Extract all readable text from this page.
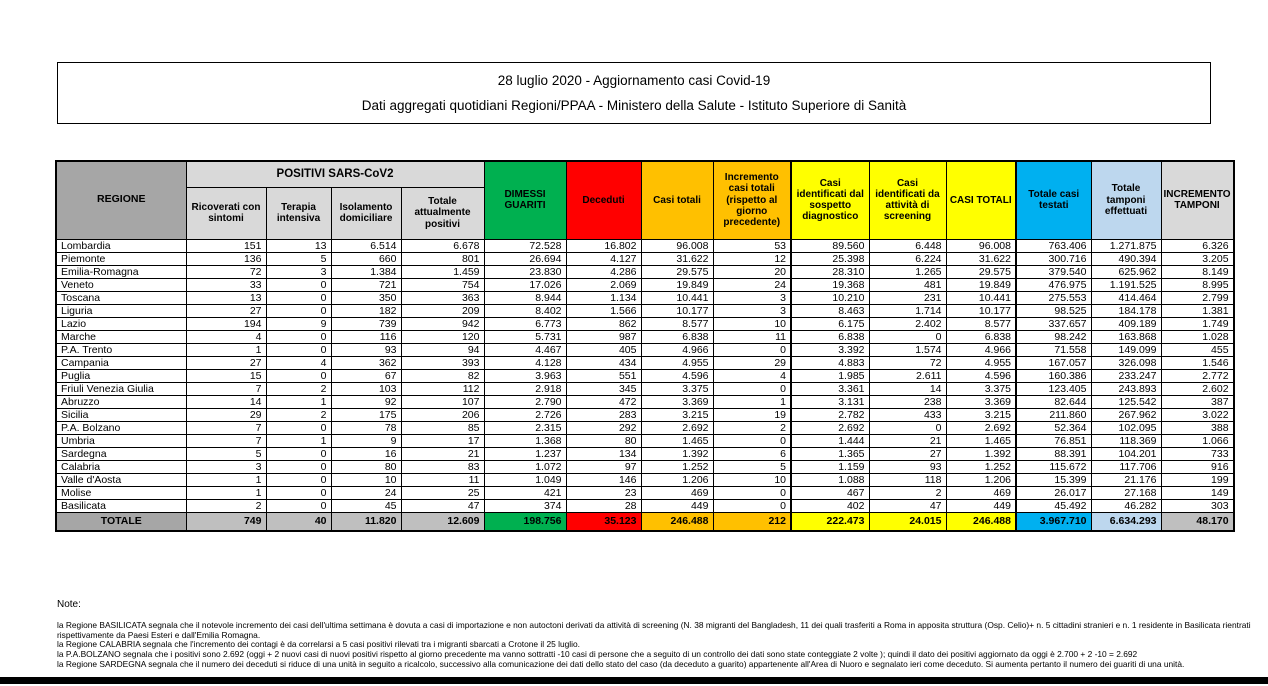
28 luglio 2020 - Aggiornamento casi Covid-19
Dati aggregati quotidiani Regioni/PPAA - Ministero della Salute - Istituto Superiore di Sanità
REGIONE	POSITIVI SARS-CoV2				DIMESSI GUARITI	Deceduti	Casi totali	Incremento casi totali (rispetto al giorno precedente)	Casi identificati dal sospetto diagnostico	Casi identificati da attività di screening	CASI TOTALI	Totale casi testati	Totale tamponi effettuati	INCREMENTO TAMPONI
	Ricoverati con sintomi	Terapia intensiva	Isolamento domiciliare	Totale attualmente positivi										
Lombardia	151	13	6.514	6.678	72.528	16.802	96.008	53	89.560	6.448	96.008	763.406	1.271.875	6.326
Piemonte	136	5	660	801	26.694	4.127	31.622	12	25.398	6.224	31.622	300.716	490.394	3.205
Emilia-Romagna	72	3	1.384	1.459	23.830	4.286	29.575	20	28.310	1.265	29.575	379.540	625.962	8.149
Veneto	33	0	721	754	17.026	2.069	19.849	24	19.368	481	19.849	476.975	1.191.525	8.995
Toscana	13	0	350	363	8.944	1.134	10.441	3	10.210	231	10.441	275.553	414.464	2.799
Liguria	27	0	182	209	8.402	1.566	10.177	3	8.463	1.714	10.177	98.525	184.178	1.381
Lazio	194	9	739	942	6.773	862	8.577	10	6.175	2.402	8.577	337.657	409.189	1.749
Marche	4	0	116	120	5.731	987	6.838	11	6.838	0	6.838	98.242	163.868	1.028
P.A. Trento	1	0	93	94	4.467	405	4.966	0	3.392	1.574	4.966	71.558	149.099	455
Campania	27	4	362	393	4.128	434	4.955	29	4.883	72	4.955	167.057	326.098	1.546
Puglia	15	0	67	82	3.963	551	4.596	4	1.985	2.611	4.596	160.386	233.247	2.772
Friuli Venezia Giulia	7	2	103	112	2.918	345	3.375	0	3.361	14	3.375	123.405	243.893	2.602
Abruzzo	14	1	92	107	2.790	472	3.369	1	3.131	238	3.369	82.644	125.542	387
Sicilia	29	2	175	206	2.726	283	3.215	19	2.782	433	3.215	211.860	267.962	3.022
P.A. Bolzano	7	0	78	85	2.315	292	2.692	2	2.692	0	2.692	52.364	102.095	388
Umbria	7	1	9	17	1.368	80	1.465	0	1.444	21	1.465	76.851	118.369	1.066
Sardegna	5	0	16	21	1.237	134	1.392	6	1.365	27	1.392	88.391	104.201	733
Calabria	3	0	80	83	1.072	97	1.252	5	1.159	93	1.252	115.672	117.706	916
Valle d'Aosta	1	0	10	11	1.049	146	1.206	10	1.088	118	1.206	15.399	21.176	199
Molise	1	0	24	25	421	23	469	0	467	2	469	26.017	27.168	149
Basilicata	2	0	45	47	374	28	449	0	402	47	449	45.492	46.282	303
TOTALE	749	40	11.820	12.609	198.756	35.123	246.488	212	222.473	24.015	246.488	3.967.710	6.634.293	48.170
Note:
la Regione BASILICATA segnala che il notevole incremento dei casi dell'ultima settimana è dovuta a casi di importazione e non autoctoni derivati da attività di screening (N. 38 migranti del Bangladesh, 11 dei quali trasferiti a Roma in apposita struttura (Osp. Celio)+ n. 5 cittadini stranieri e n. 1 residente in Basilicata rientrati
rispettivamente da Paesi Esteri e dall'Emilia Romagna.
la Regione CALABRIA segnala che l'incremento dei contagi è da correlarsi a 5 casi positivi rilevati tra i migranti sbarcati a Crotone il 25 luglio.
la P.A.BOLZANO segnala che i positivi sono 2.692 (oggi + 2 nuovi casi di nuovi positivi rispetto al giorno precedente ma vanno sottratti -10 casi di persone che a seguito di un controllo dei dati sono state conteggiate 2 volte ); quindi il dato dei positivi aggiornato da oggi è 2.700 + 2 -10 = 2.692
la Regione SARDEGNA segnala che il numero dei deceduti si riduce di una unità in seguito a ricalcolo, successivo alla comunicazione dei dati dello stato del caso (da deceduto a guarito) appartenente all'Area di Nuoro e segnalato ieri come deceduto. Si aumenta pertanto il numero dei guariti di una unità.
